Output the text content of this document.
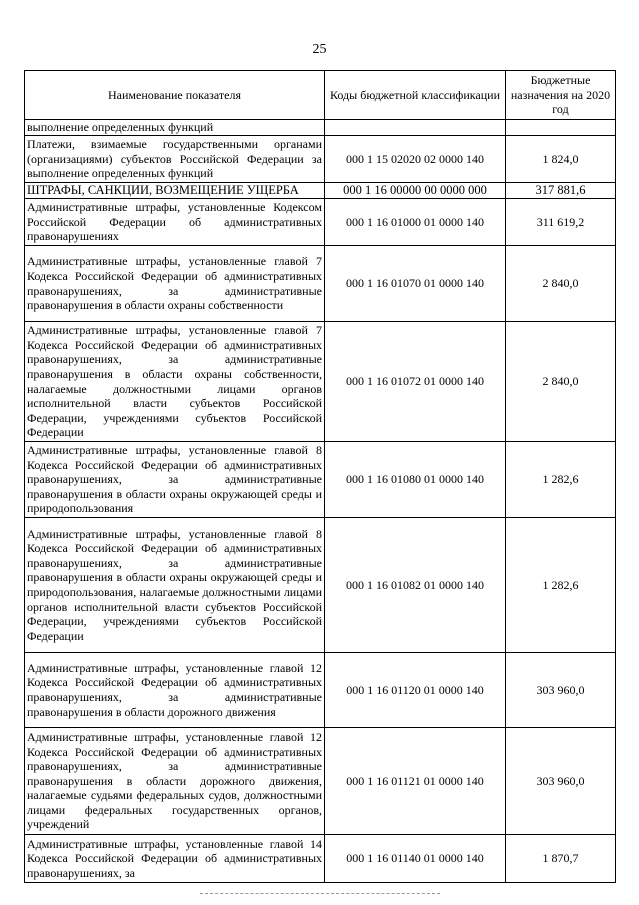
25
Наименование показателя	Коды бюджетной классификации	Бюджетные назначения на 2020 год
выполнение определенных функций		
Платежи, взимаемые государственными органами (организациями) субъектов Российской Федерации за выполнение определенных функций	000 1 15 02020 02 0000 140	1 824,0
ШТРАФЫ, САНКЦИИ, ВОЗМЕЩЕНИЕ УЩЕРБА	000 1 16 00000 00 0000 000	317 881,6
Административные штрафы, установленные Кодексом Российской Федерации об административных правонарушениях	000 1 16 01000 01 0000 140	311 619,2
Административные штрафы, установленные главой 7 Кодекса Российской Федерации об административных правонарушениях, за административные правонарушения в области охраны собственности	000 1 16 01070 01 0000 140	2 840,0
Административные штрафы, установленные главой 7 Кодекса Российской Федерации об административных правонарушениях, за административные правонарушения в области охраны собственности, налагаемые должностными лицами органов исполнительной власти субъектов Российской Федерации, учреждениями субъектов Российской Федерации	000 1 16 01072 01 0000 140	2 840,0
Административные штрафы, установленные главой 8 Кодекса Российской Федерации об административных правонарушениях, за административные правонарушения в области охраны окружающей среды и природопользования	000 1 16 01080 01 0000 140	1 282,6
Административные штрафы, установленные главой 8 Кодекса Российской Федерации об административных правонарушениях, за административные правонарушения в области охраны окружающей среды и природопользования, налагаемые должностными лицами органов исполнительной власти субъектов Российской Федерации, учреждениями субъектов Российской Федерации	000 1 16 01082 01 0000 140	1 282,6
Административные штрафы, установленные главой 12 Кодекса Российской Федерации об административных правонарушениях, за административные правонарушения в области дорожного движения	000 1 16 01120 01 0000 140	303 960,0
Административные штрафы, установленные главой 12 Кодекса Российской Федерации об административных правонарушениях, за административные правонарушения в области дорожного движения, налагаемые судьями федеральных судов, должностными лицами федеральных государственных органов, учреждений	000 1 16 01121 01 0000 140	303 960,0
Административные штрафы, установленные главой 14 Кодекса Российской Федерации об административных правонарушениях, за	000 1 16 01140 01 0000 140	1 870,7
